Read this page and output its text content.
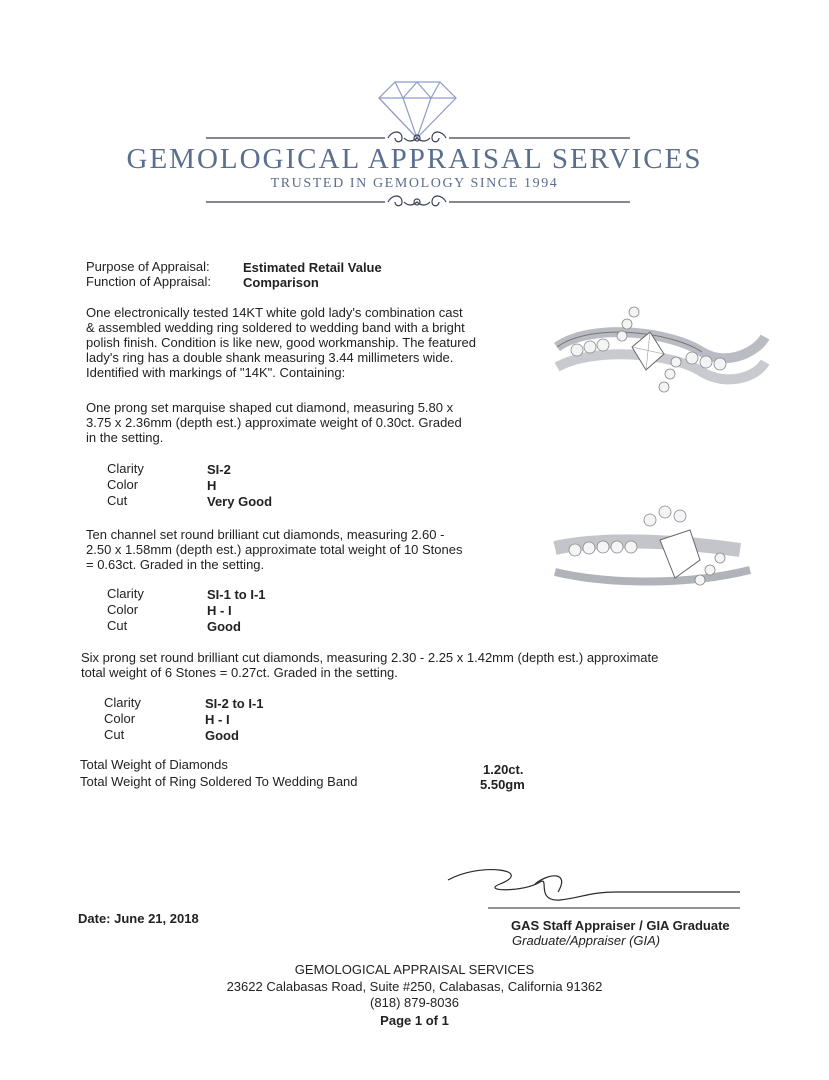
GEMOLOGICAL APPRAISAL SERVICES
TRUSTED IN GEMOLOGY SINCE 1994
Purpose of Appraisal:	Estimated Retail Value
Function of Appraisal: Comparison
One electronically tested 14KT white gold lady's combination cast
& assembled wedding ring soldered to wedding band with a bright
polish finish. Condition is like new, good workmanship. The featured
lady's ring has a double shank measuring 3.44 millimeters wide.
Identified with markings of "14K". Containing:
One prong set marquise shaped cut diamond, measuring 5.80 x
3.75 x 2.36mm (depth est.) approximate weight of 0.30ct. Graded
in the setting.
Clarity	SI-2
Color	H
Cut	Very Good
Ten channel set round brilliant cut diamonds, measuring 2.60 -
2.50 x 1.58mm (depth est.) approximate total weight of 10 Stones
= 0.63ct. Graded in the setting.
Clarity	SI-1 to I-1
Color	H - I
Cut	Good
Six prong set round brilliant cut diamonds, measuring 2.30 - 2.25 x 1.42mm (depth est.) approximate
total weight of 6 Stones = 0.27ct. Graded in the setting.
Clarity	SI-2 to I-1
Color	H - I
Cut	Good
Total Weight of Diamonds	1.20ct.
Total Weight of Ring Soldered To Wedding Band	5.50gm
Date: June 21, 2018	GAS Staff Appraiser / GIA Graduate
Graduate/Appraiser (GIA)
GEMOLOGICAL APPRAISAL SERVICES
23622 Calabasas Road, Suite #250, Calabasas, California 91362
(818) 879-8036
Page 1 of 1
